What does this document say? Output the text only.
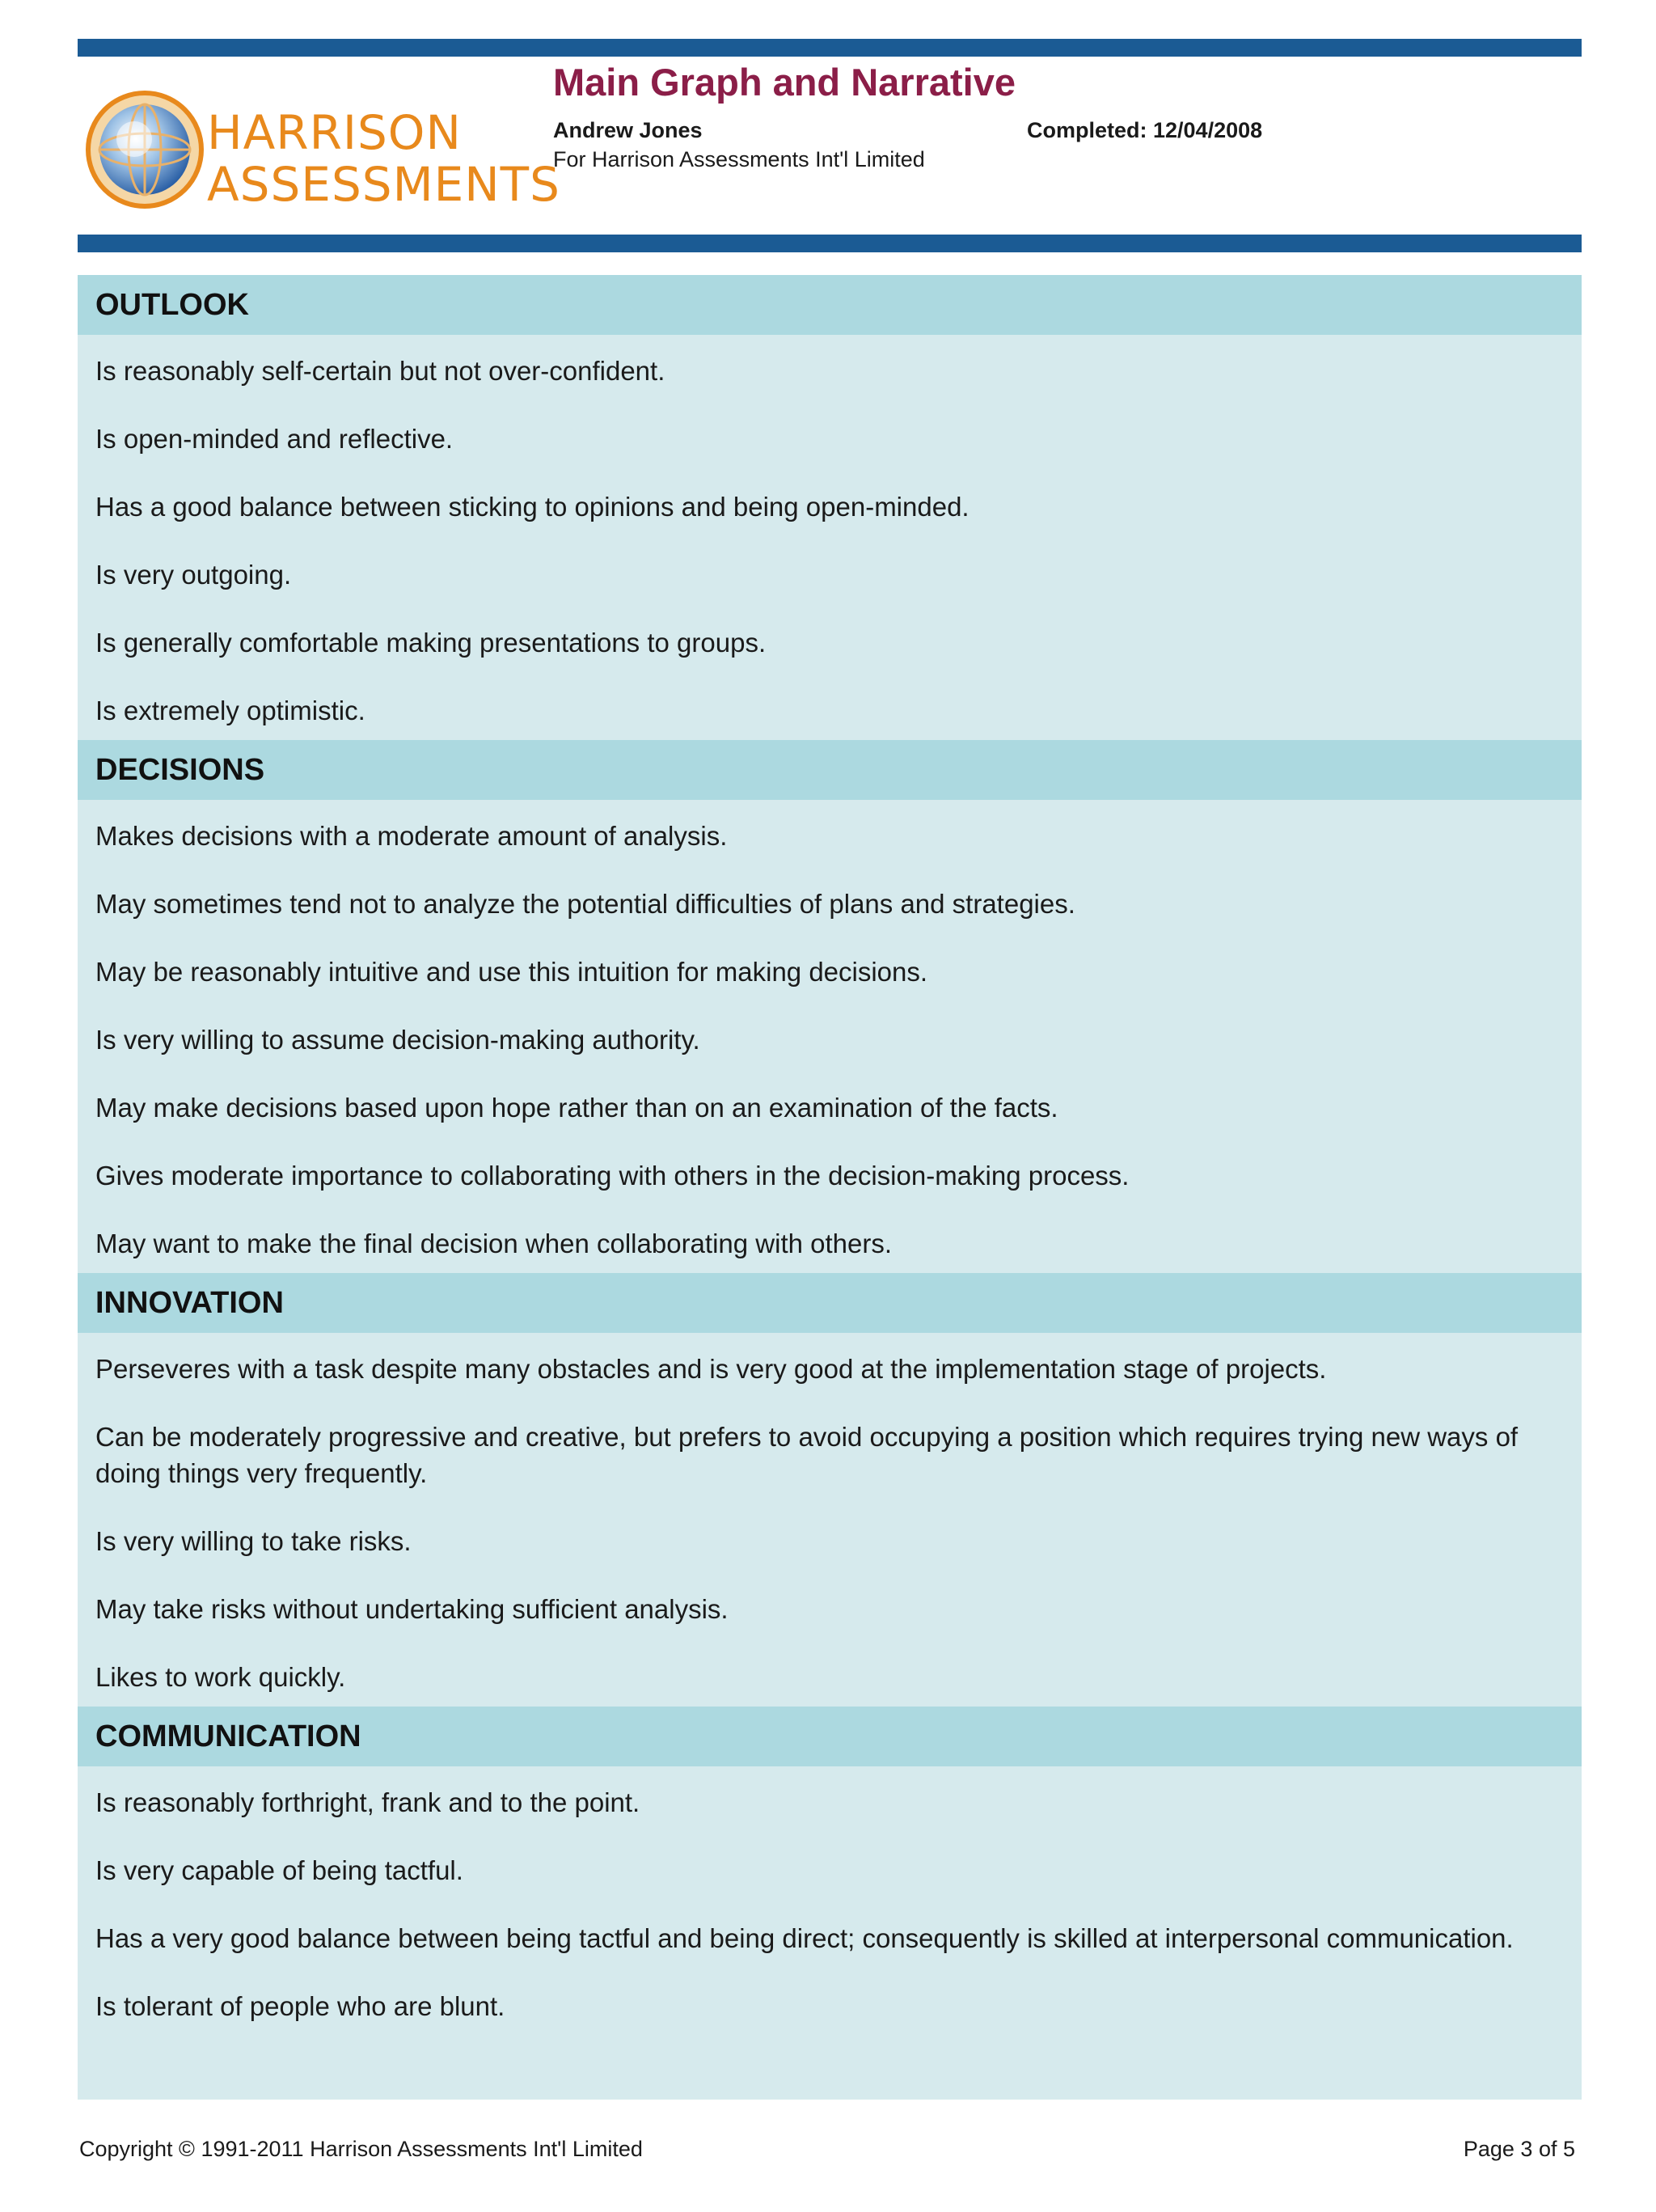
HARRISON
ASSESSMENTS
Main Graph and Narrative
Andrew Jones	Completed: 12/04/2008
For Harrison Assessments Int'l Limited
OUTLOOK
Is reasonably self-certain but not over-confident.
Is open-minded and reflective.
Has a good balance between sticking to opinions and being open-minded.
Is very outgoing.
Is generally comfortable making presentations to groups.
Is extremely optimistic.
DECISIONS
Makes decisions with a moderate amount of analysis.
May sometimes tend not to analyze the potential difficulties of plans and strategies.
May be reasonably intuitive and use this intuition for making decisions.
Is very willing to assume decision-making authority.
May make decisions based upon hope rather than on an examination of the facts.
Gives moderate importance to collaborating with others in the decision-making process.
May want to make the final decision when collaborating with others.
INNOVATION
Perseveres with a task despite many obstacles and is very good at the implementation stage of projects.
Can be moderately progressive and creative, but prefers to avoid occupying a position which requires trying new ways of doing things very frequently.
Is very willing to take risks.
May take risks without undertaking sufficient analysis.
Likes to work quickly.
COMMUNICATION
Is reasonably forthright, frank and to the point.
Is very capable of being tactful.
Has a very good balance between being tactful and being direct; consequently is skilled at interpersonal communication.
Is tolerant of people who are blunt.
Copyright © 1991-2011 Harrison Assessments Int'l Limited	Page 3 of 5
